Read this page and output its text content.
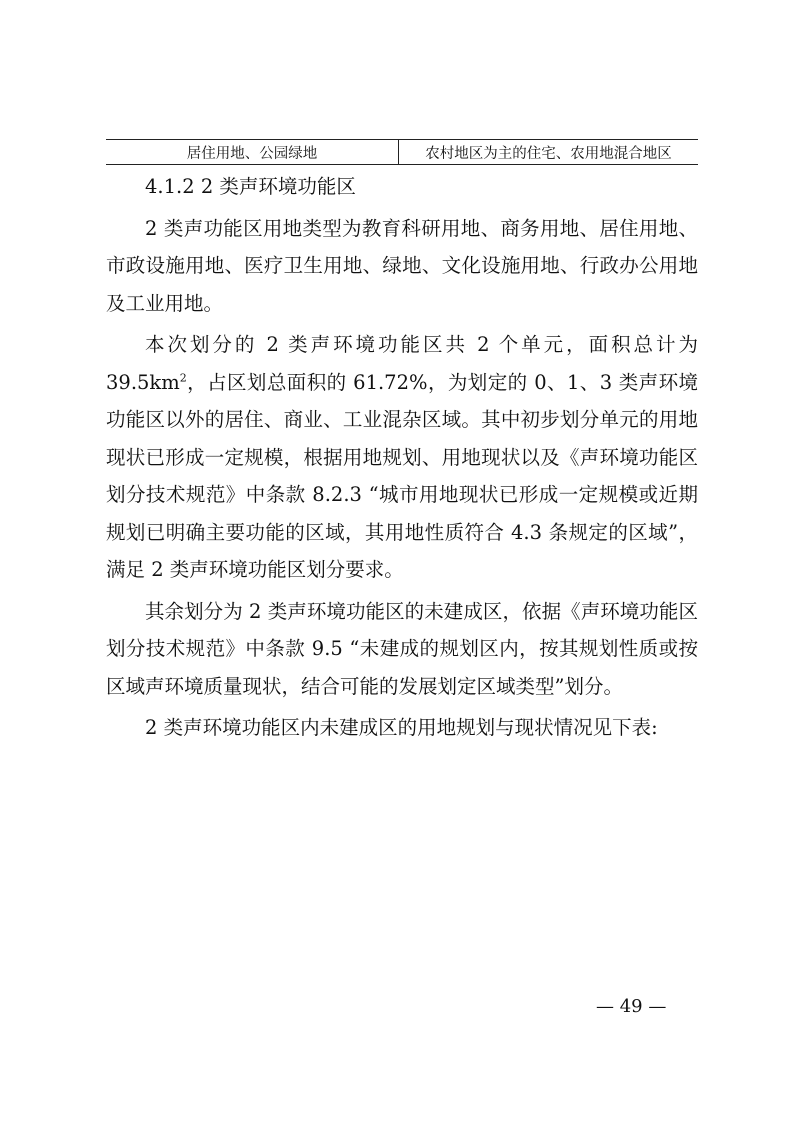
居住用地、公园绿地	农村地区为主的住宅、农用地混合地区
4.1.2 2 类声环境功能区

2 类声功能区用地类型为教育科研用地、商务用地、居住用地、市政设施用地、医疗卫生用地、绿地、文化设施用地、行政办公用地及工业用地。

本次划分的 2 类声环境功能区共 2 个单元，面积总计为 $39.5km^2$，占区划总面积的 61.72%，为划定的 0、1、3 类声环境功能区以外的居住、商业、工业混杂区域。其中初步划分单元的用地现状已形成一定规模，根据用地规划、用地现状以及《声环境功能区划分技术规范》中条款 8.2.3 “城市用地现状已形成一定规模或近期规划已明确主要功能的区域，其用地性质符合 4.3 条规定的区域”，满足 2 类声环境功能区划分要求。

其余划分为 2 类声环境功能区的未建成区，依据《声环境功能区划分技术规范》中条款 9.5 “未建成的规划区内，按其规划性质或按区域声环境质量现状，结合可能的发展划定区域类型”划分。

2 类声环境功能区内未建成区的用地规划与现状情况见下表:

— 49 —
